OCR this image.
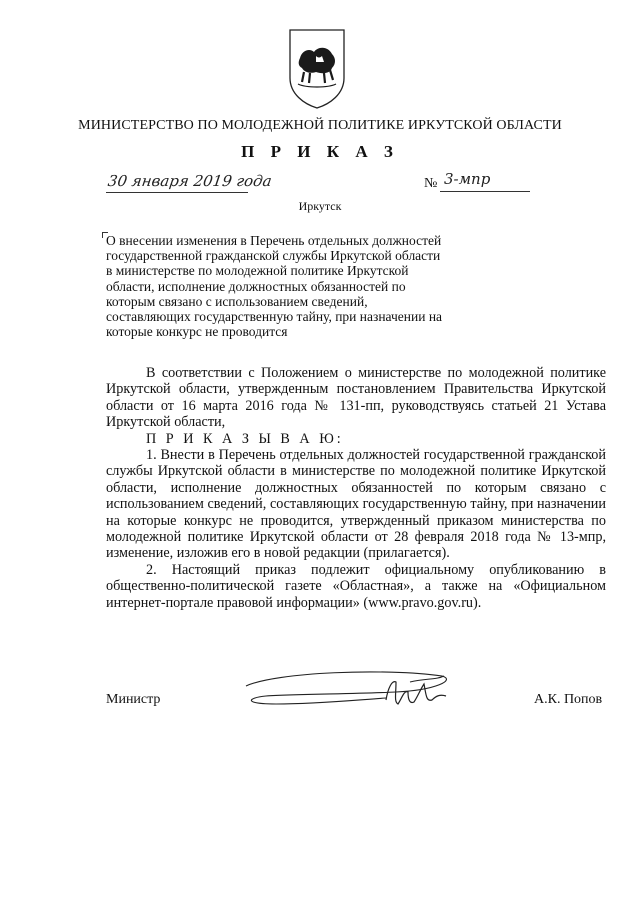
МИНИСТЕРСТВО ПО МОЛОДЕЖНОЙ ПОЛИТИКЕ ИРКУТСКОЙ ОБЛАСТИ
П Р И К А З
30 января 2019 года	№ 3-мпр
Иркутск
О внесении изменения в Перечень отдельных должностей
государственной гражданской службы Иркутской области
в министерстве по молодежной политике Иркутской
области, исполнение должностных обязанностей по
которым связано с использованием сведений,
составляющих государственную тайну, при назначении на
которые конкурс не проводится

В соответствии с Положением о министерстве по молодежной политике Иркутской области, утвержденным постановлением Правительства Иркутской области от 16 марта 2016 года № 131-пп, руководствуясь статьей 21 Устава Иркутской области,

П Р И К А З Ы В А Ю:

1. Внести в Перечень отдельных должностей государственной гражданской службы Иркутской области в министерстве по молодежной политике Иркутской области, исполнение должностных обязанностей по которым связано с использованием сведений, составляющих государственную тайну, при назначении на которые конкурс не проводится, утвержденный приказом министерства по молодежной политике Иркутской области от 28 февраля 2018 года № 13-мпр, изменение, изложив его в новой редакции (прилагается).

2. Настоящий приказ подлежит официальному опубликованию в общественно-политической газете «Областная», а также на «Официальном интернет-портале правовой информации» (www.pravo.gov.ru).

Министр	А.К. Попов
